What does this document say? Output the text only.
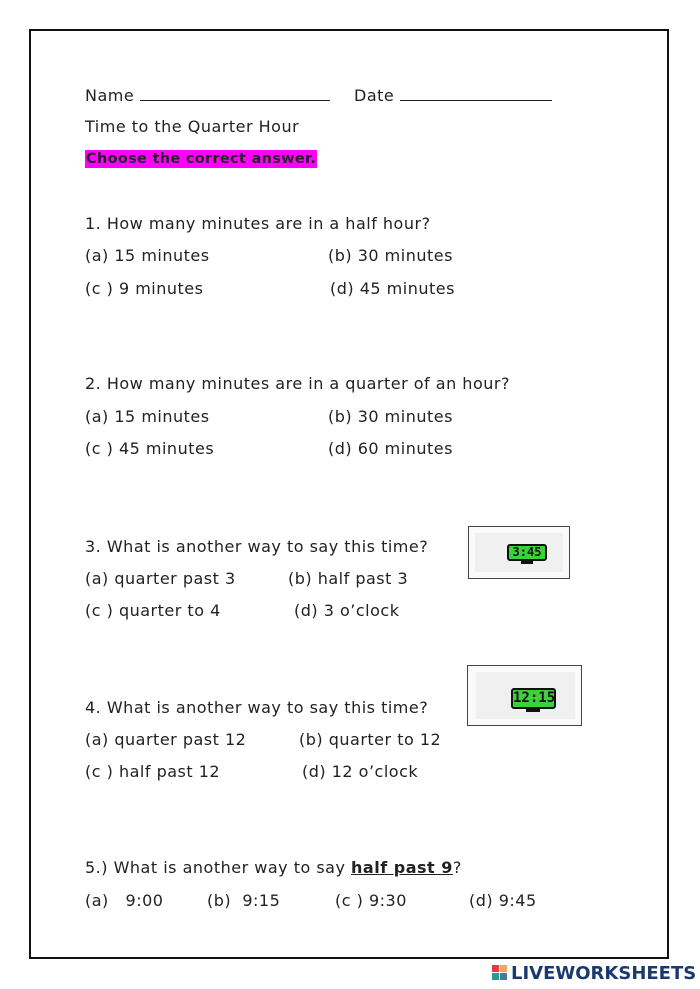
Name	Date
Time to the Quarter Hour
Choose the correct answer.
1. How many minutes are in a half hour?
(a) 15 minutes	(b) 30 minutes
(c ) 9 minutes	(d) 45 minutes
2. How many minutes are in a quarter of an hour?
(a) 15 minutes	(b) 30 minutes
(c ) 45 minutes	(d) 60 minutes
3. What is another way to say this time?	3:45
(a) quarter past 3	(b) half past 3
(c ) quarter to 4	(d) 3 o’clock
4. What is another way to say this time?	12:15
(a) quarter past 12	(b) quarter to 12
(c ) half past 12	(d) 12 o’clock
5.) What is another way to say half past 9?
(a)   9:00	(b)  9:15	(c ) 9:30	(d) 9:45
LIVEWORKSHEETS
